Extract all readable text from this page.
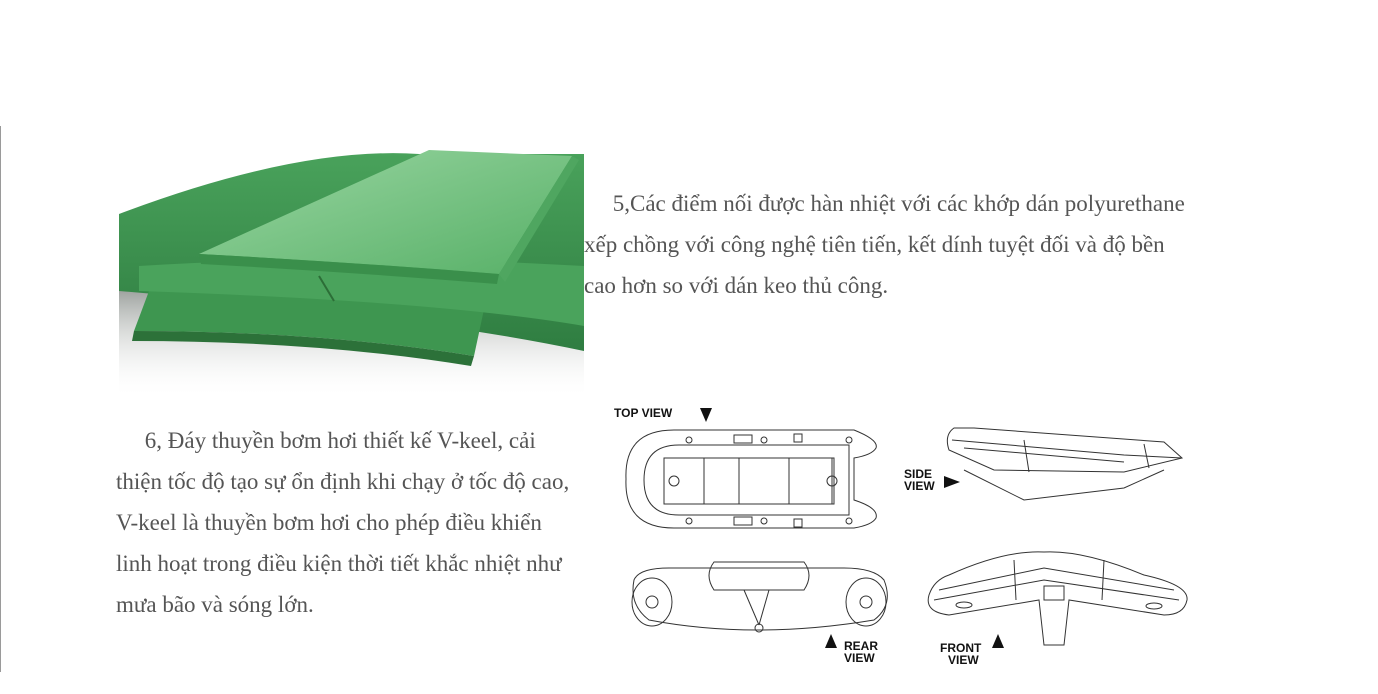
  5,Các điểm nối được hàn nhiệt với các khớp dán polyurethane xếp chồng với công nghệ tiên tiến, kết dính tuyệt đối và độ bền cao hơn so với dán keo thủ công.

  6, Đáy thuyền bơm hơi thiết kế V-keel, cải thiện tốc độ tạo sự ổn định khi chạy ở tốc độ cao, V-keel là thuyền bơm hơi cho phép điều khiển linh hoạt trong điều kiện thời tiết khắc nhiệt như mưa bão và sóng lớn.

TOP VIEW
SIDE
VIEW
REAR
VIEW
FRONT
VIEW
